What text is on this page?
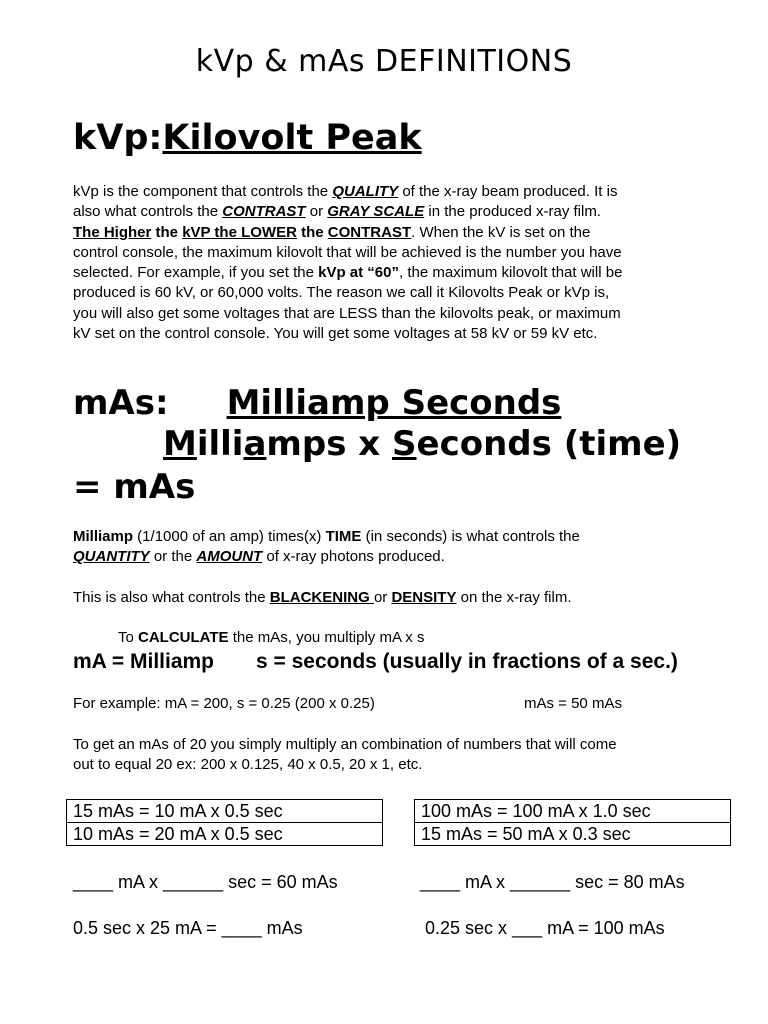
kVp & mAs DEFINITIONS
kVp:Kilovolt Peak

kVp is the component that controls the QUALITY of the x-ray beam produced. It is

also what controls the CONTRAST or GRAY SCALE in the produced x-ray film.

The Higher the kVP the LOWER the CONTRAST. When the kV is set on the

control console, the maximum kilovolt that will be achieved is the number you have

selected. For example, if you set the kVp at “60”, the maximum kilovolt that will be

produced is 60 kV, or 60,000 volts. The reason we call it Kilovolts Peak or kVp is,

you will also get some voltages that are LESS than the kilovolts peak, or maximum

kV set on the control console. You will get some voltages at 58 kV or 59 kV etc.

mAs: Milliamp Seconds
Milliamps x Seconds (time)
= mAs

Milliamp (1/1000 of an amp) times(x) TIME (in seconds) is what controls the

QUANTITY or the AMOUNT of x-ray photons produced.

This is also what controls the BLACKENING or DENSITY on the x-ray film.
To CALCULATE the mAs, you multiply mA x s
mA = Milliamp s = seconds (usually in fractions of a sec.)
For example: mA = 200, s = 0.25 (200 x 0.25)	mAs = 50 mAs
To get an mAs of 20 you simply multiply an combination of numbers that will come
out to equal 20 ex: 200 x 0.125, 40 x 0.5, 20 x 1, etc.
15 mAs = 10 mA x 0.5 sec
10 mAs = 20 mA x 0.5 sec
100 mAs = 100 mA x 1.0 sec
15 mAs = 50 mA x 0.3 sec
____ mA x ______ sec = 60 mAs	____ mA x ______ sec = 80 mAs
0.5 sec x 25 mA = ____ mAs	0.25 sec x ___ mA = 100 mAs
